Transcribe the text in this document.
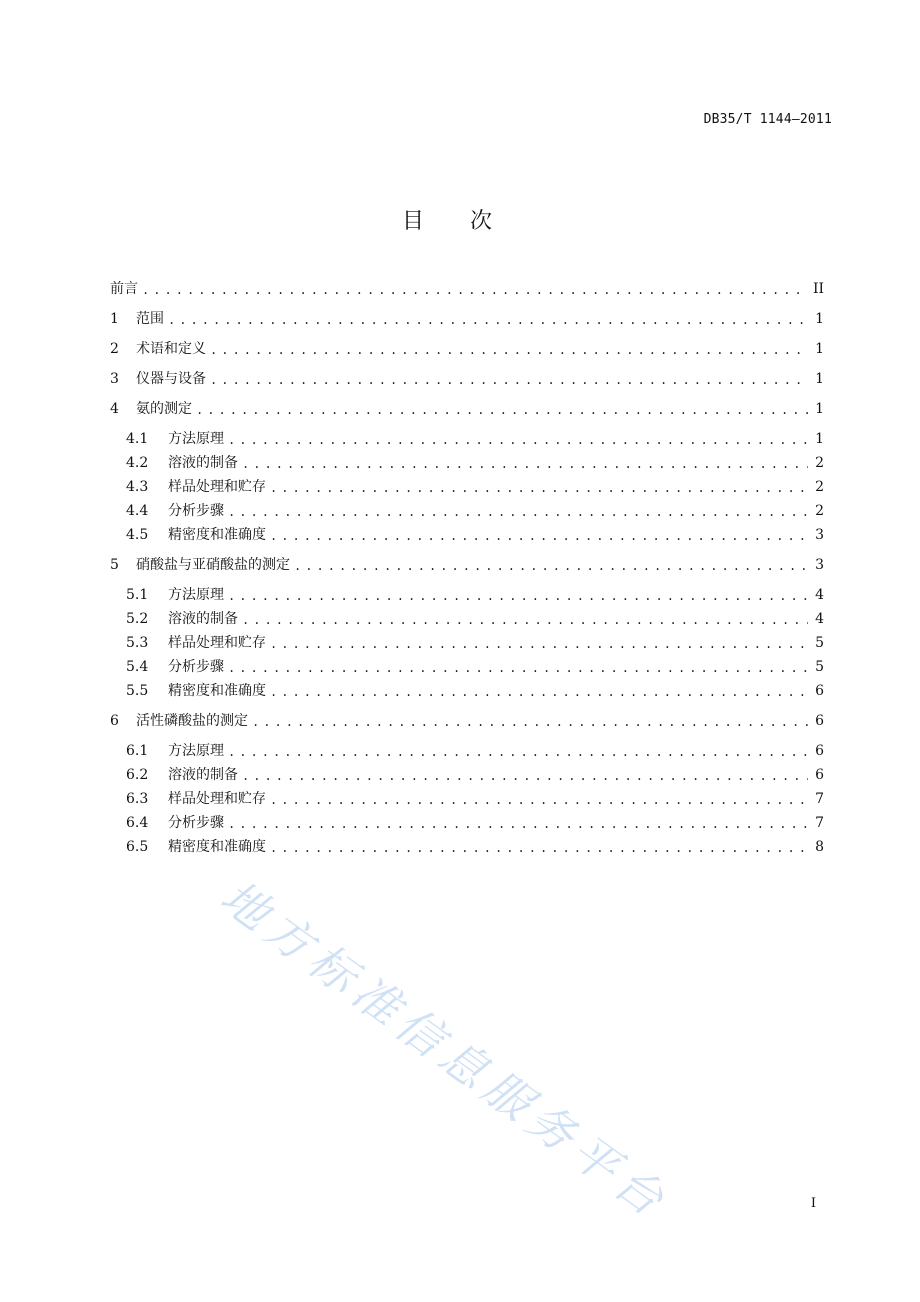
DB35/T 1144—2011
目次
前言 . . .	II
1	范围 . . .	1
2	术语和定义 . . .	1
3	仪器与设备 . . .	1
4	氨的测定 . . .	1
4.1	方法原理 . . .	1
4.2	溶液的制备 . . .	2
4.3	样品处理和贮存 . . .	2
4.4	分析步骤 . . .	2
4.5	精密度和准确度 . . .	3
5	硝酸盐与亚硝酸盐的测定 . . .	3
5.1	方法原理 . . .	4
5.2	溶液的制备 . . .	4
5.3	样品处理和贮存 . . .	5
5.4	分析步骤 . . .	5
5.5	精密度和准确度 . . .	6
6	活性磷酸盐的测定 . . .	6
6.1	方法原理 . . .	6
6.2	溶液的制备 . . .	6
6.3	样品处理和贮存 . . .	7
6.4	分析步骤 . . .	7
6.5	精密度和准确度 . . .	8
地方标准信息服务平台	I
